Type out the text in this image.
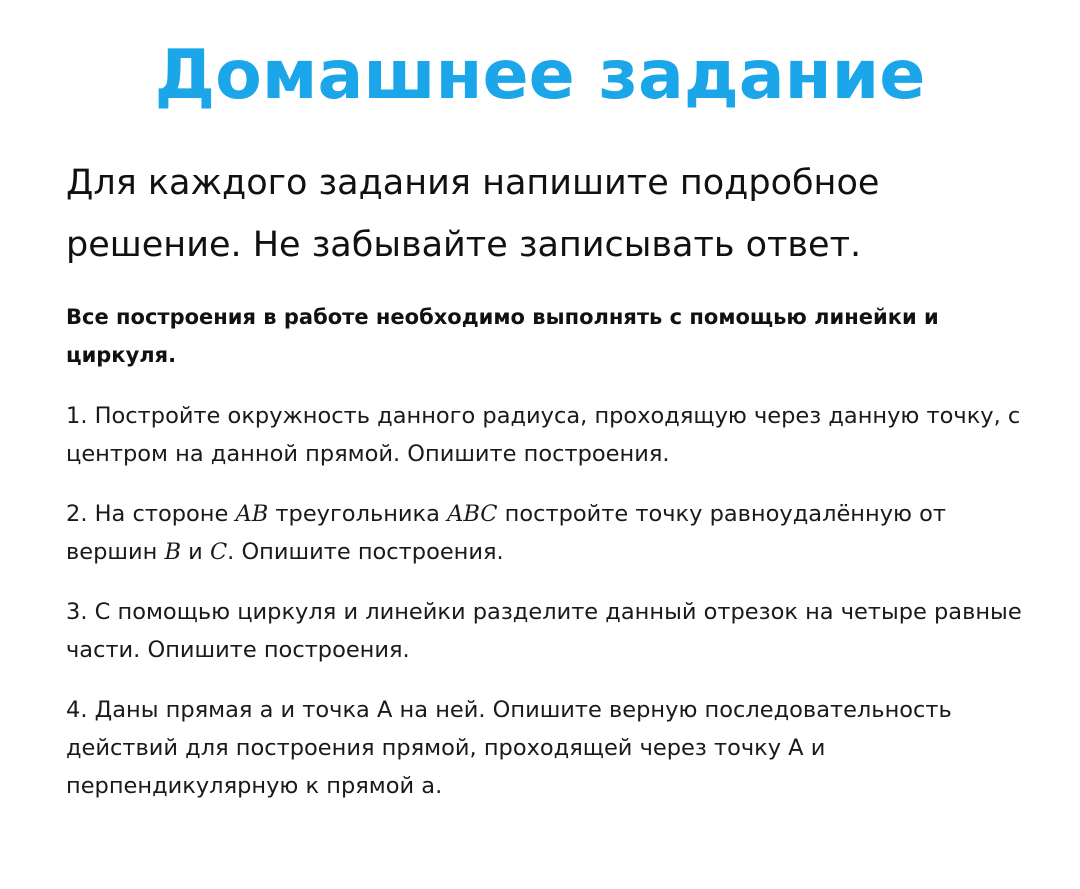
Домашнее задание
Для каждого задания напишите подробное решение. Не забывайте записывать ответ.
Все построения в работе необходимо выполнять с помощью линейки и циркуля.
1. Постройте окружность данного радиуса, проходящую через данную точку, с центром на данной прямой. Опишите построения.
2. На стороне AB треугольника ABC постройте точку равноудалённую от вершин B и C. Опишите построения.
3. С помощью циркуля и линейки разделите данный отрезок на четыре равные части. Опишите построения.
4. Даны прямая а и точка А на ней. Опишите верную последовательность действий для построения прямой, проходящей через точку А и перпендикулярную к прямой а.
